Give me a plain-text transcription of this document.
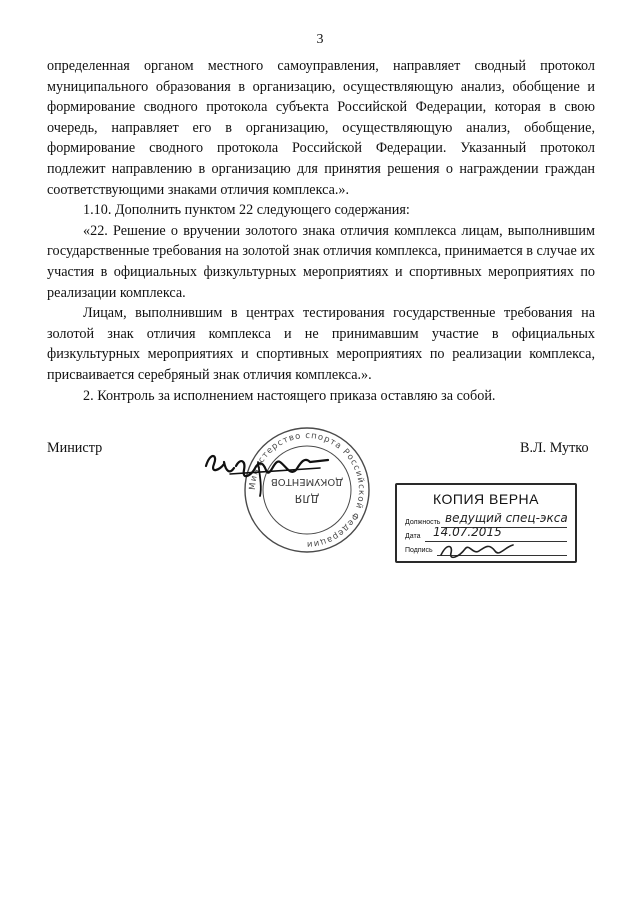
3

определенная органом местного самоуправления, направляет сводный протокол муниципального образования в организацию, осуществляющую анализ, обобщение и формирование сводного протокола субъекта Российской Федерации, которая в свою очередь, направляет его в организацию, осуществляющую анализ, обобщение, формирование сводного протокола Российской Федерации. Указанный протокол подлежит направлению в организацию для принятия решения о награждении граждан соответствующими знаками отличия комплекса.».

1.10. Дополнить пунктом 22 следующего содержания:

«22. Решение о вручении золотого знака отличия комплекса лицам, выполнившим государственные требования на золотой знак отличия комплекса, принимается в случае их участия в официальных физкультурных мероприятиях и спортивных мероприятиях по реализации комплекса.

Лицам, выполнившим в центрах тестирования государственные требования на золотой знак отличия комплекса и не принимавшим участие в официальных физкультурных мероприятиях и спортивных мероприятиях по реализации комплекса, присваивается серебряный знак отличия комплекса.».

2. Контроль за исполнением настоящего приказа оставляю за собой.

Министр	В.Л. Мутко
Министерство спорта Российской Федерации
ДЛЯ
ДОКУМЕНТОВ
КОПИЯ ВЕРНА
Должность ведущий спец-экса
Дата 14.07.2015
Подпись
